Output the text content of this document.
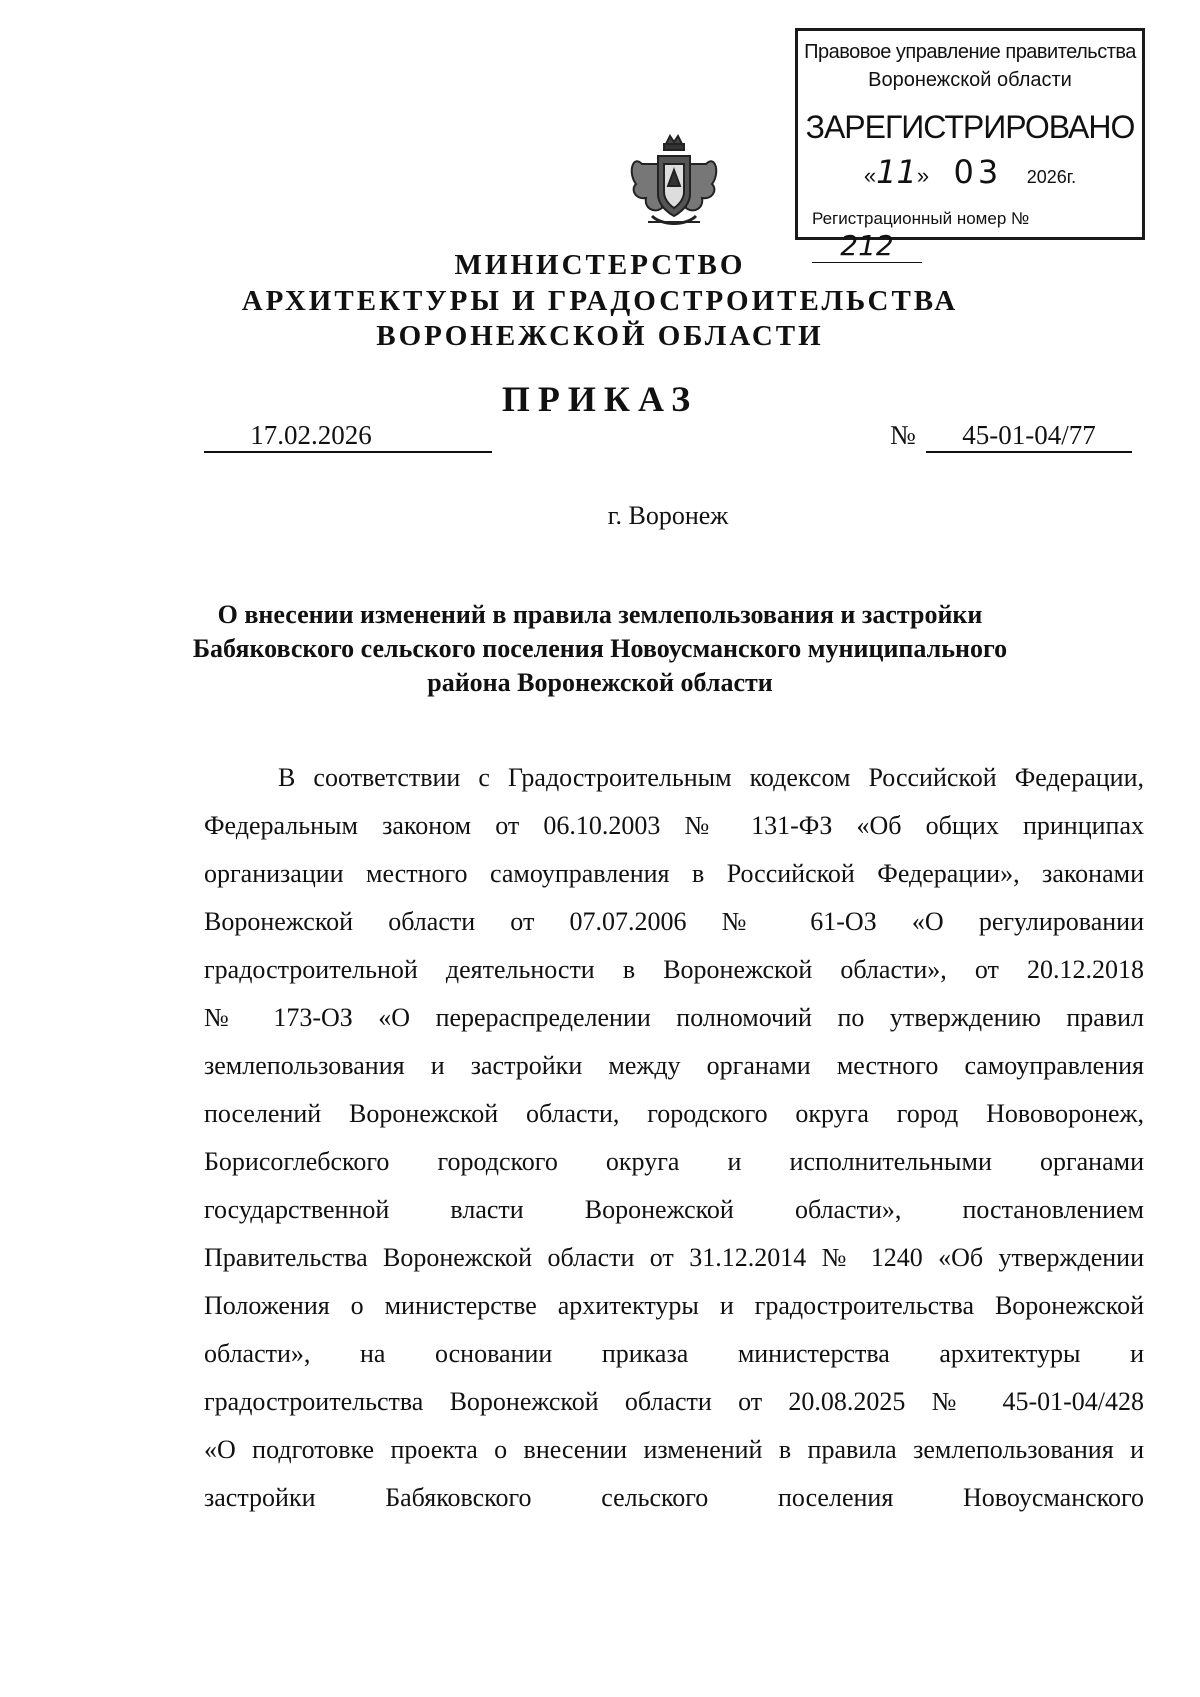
Правовое управление правительства
Воронежской области
ЗАРЕГИСТРИРОВАНО
«11» 03 2026г.
Регистрационный номер № 212
МИНИСТЕРСТВО
АРХИТЕКТУРЫ И ГРАДОСТРОИТЕЛЬСТВА
ВОРОНЕЖСКОЙ ОБЛАСТИ
ПРИКАЗ
17.02.2026	№	45-01-04/77
г. Воронеж
О внесении изменений в правила землепользования и застройки
Бабяковского сельского поселения Новоусманского муниципального
района Воронежской области
В соответствии с Градостроительным кодексом Российской Федерации,
Федеральным законом от 06.10.2003 № 131-ФЗ «Об общих принципах
организации местного самоуправления в Российской Федерации», законами
Воронежской области от 07.07.2006 № 61-ОЗ «О регулировании
градостроительной деятельности в Воронежской области», от 20.12.2018
№ 173-ОЗ «О перераспределении полномочий по утверждению правил
землепользования и застройки между органами местного самоуправления
поселений Воронежской области, городского округа город Нововоронеж,
Борисоглебского городского округа и исполнительными органами
государственной власти Воронежской области», постановлением
Правительства Воронежской области от 31.12.2014 № 1240 «Об утверждении
Положения о министерстве архитектуры и градостроительства Воронежской
области», на основании приказа министерства архитектуры и
градостроительства Воронежской области от 20.08.2025 № 45-01-04/428
«О подготовке проекта о внесении изменений в правила землепользования и
застройки Бабяковского сельского поселения Новоусманского
